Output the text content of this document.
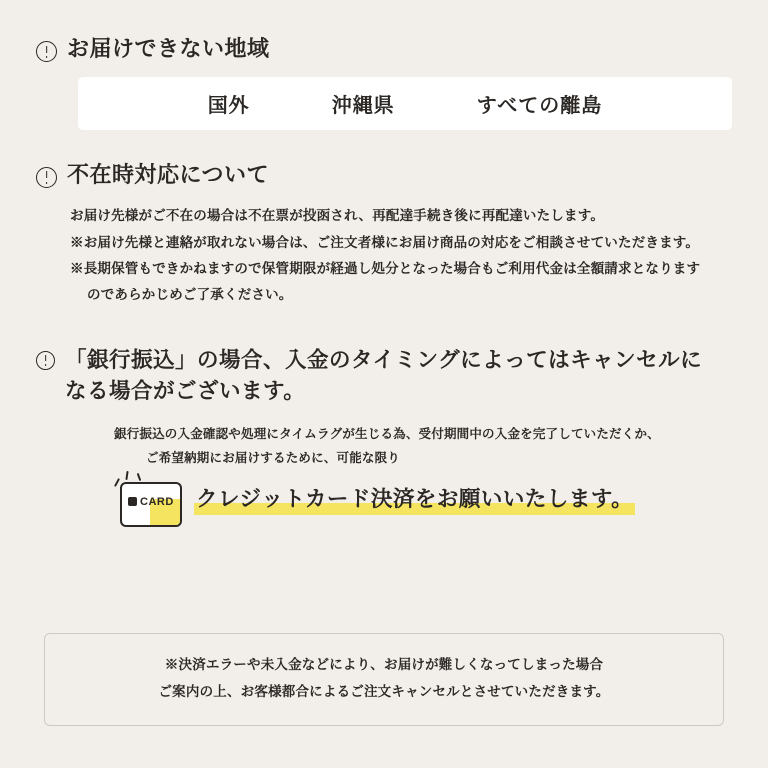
お届けできない地域
国外	沖縄県	すべての離島
不在時対応について
お届け先様がご不在の場合は不在票が投函され、再配達手続き後に再配達いたします。
※お届け先様と連絡が取れない場合は、ご注文者様にお届け商品の対応をご相談させていただきます。
※長期保管もできかねますので保管期限が経過し処分となった場合もご利用代金は全額請求となります
のであらかじめご了承ください。
「銀行振込」の場合、入金のタイミングによってはキャンセルに
なる場合がございます。
銀行振込の入金確認や処理にタイムラグが生じる為、受付期間中の入金を完了していただくか、
ご希望納期にお届けするために、可能な限り
CARD クレジットカード決済をお願いいたします。
※決済エラーや未入金などにより、お届けが難しくなってしまった場合
ご案内の上、お客様都合によるご注文キャンセルとさせていただきます。
